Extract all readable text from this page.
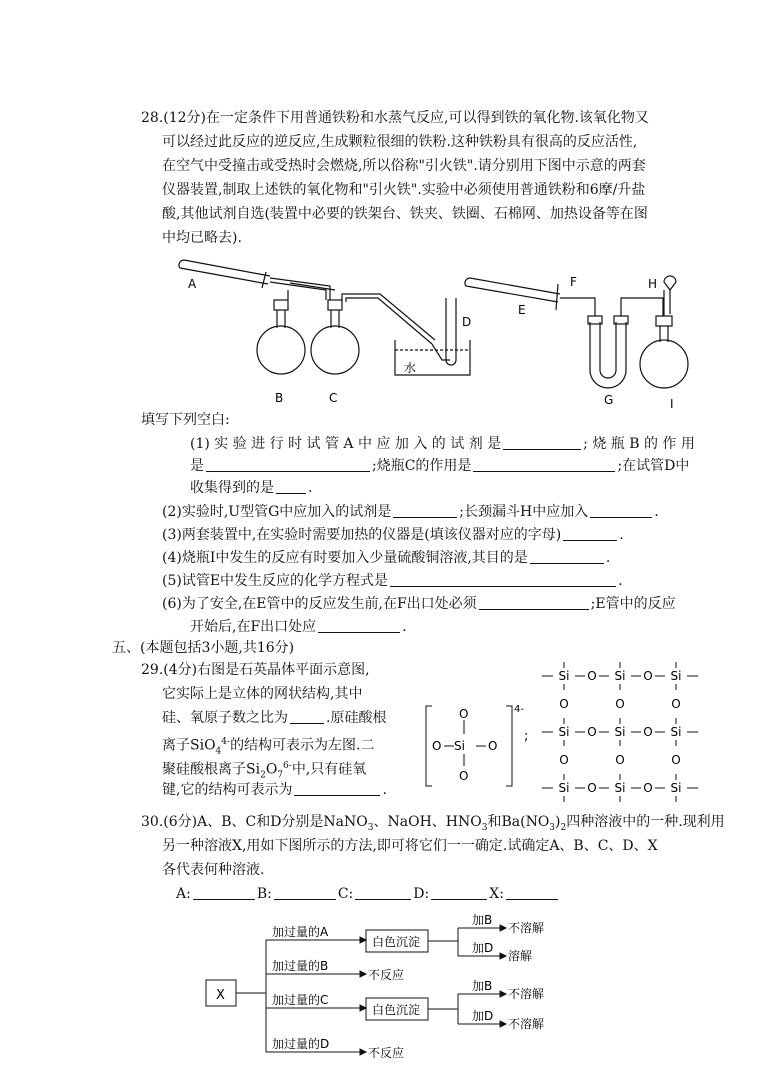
28.(12分)在一定条件下用普通铁粉和水蒸气反应,可以得到铁的氧化物.该氧化物又
可以经过此反应的逆反应,生成颗粒很细的铁粉.这种铁粉具有很高的反应活性,
在空气中受撞击或受热时会燃烧,所以俗称"引火铁".请分别用下图中示意的两套
仪器装置,制取上述铁的氧化物和"引火铁".实验中必须使用普通铁粉和6摩/升盐
酸,其他试剂自选(装置中必要的铁架台、铁夹、铁圈、石棉网、加热设备等在图
中均已略去).
A
B	C
D
水
E
F
G
H
I
填写下列空白:
(1) 实 验 进 行 时 试 管 A 中 应 加 入 的 试 剂 是	; 烧 瓶 B 的 作 用
是	;烧瓶C的作用是	;在试管D中
收集得到的是 .
(2)实验时,U型管G中应加入的试剂是	;长颈漏斗H中应加入	.
(3)两套装置中,在实验时需要加热的仪器是(填该仪器对应的字母)	.
(4)烧瓶I中发生的反应有时要加入少量硫酸铜溶液,其目的是	.
(5)试管E中发生反应的化学方程式是	.
(6)为了安全,在E管中的反应发生前,在F出口处必须	;E管中的反应
开始后,在F出口处应	.
五、(本题包括3小题,共16分)
29.(4分)右图是石英晶体平面示意图,
它实际上是立体的网状结构,其中
硅、氧原子数之比为	.原硅酸根
离子SiO$_4^{4-}$的结构可表示为左图.二
聚硅酸根离子$Si_2O_7^{6-}$中,只有硅氧
键,它的结构可表示为	.
O
Si
O	O
O
4-
;
Si O Si O Si
O	O	O
Si O Si O Si
O	O	O
Si O Si O Si
30.(6分)A、B、C和D分别是NaNO$_3$、NaOH、$HNO_3$和$Ba(NO_3)_2$四种溶液中的一种.现利用
另一种溶液X,用如下图所示的方法,即可将它们一一确定.试确定A、B、C、D、X
各代表何种溶液.
A:	B:	C:	D:	X:
X
加过量的A
加过量的B
加过量的C
加过量的D
白色沉淀
白色沉淀
不反应
不反应
加B
不溶解
加D
溶解
加B
不溶解
加D
不溶解
